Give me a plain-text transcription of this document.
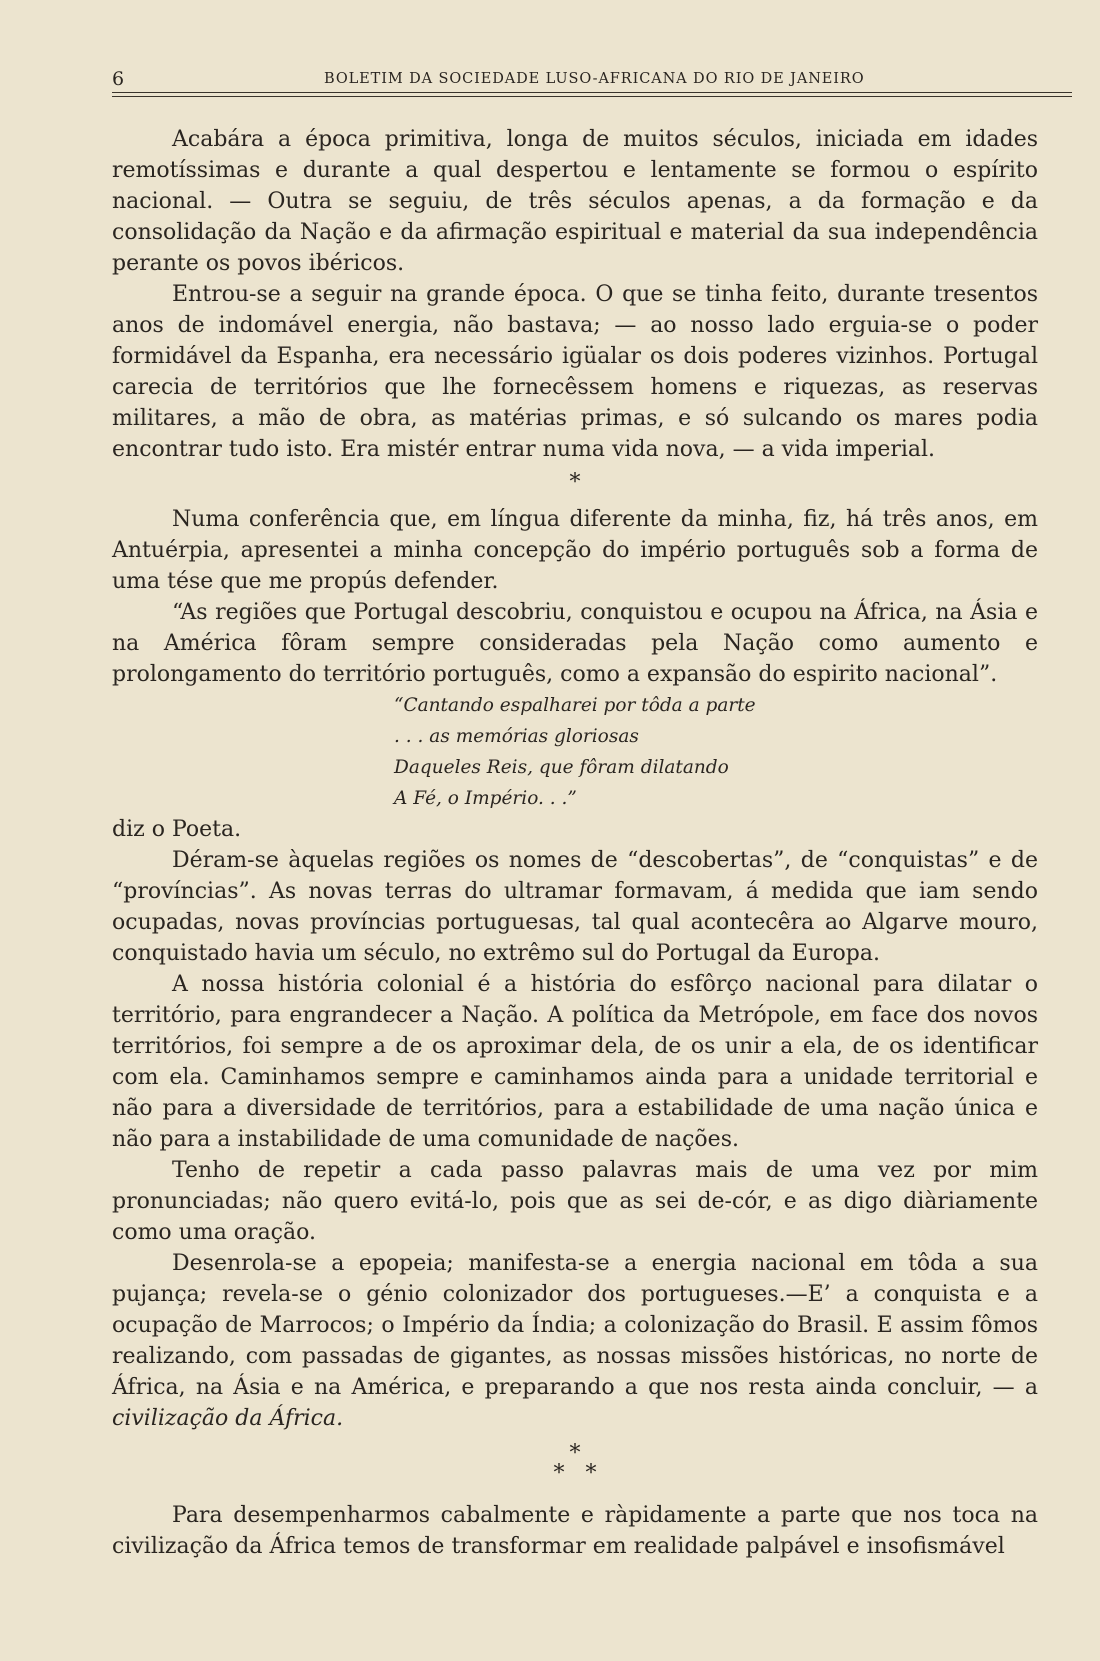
6	BOLETIM DA SOCIEDADE LUSO-AFRICANA DO RIO DE JANEIRO

Acabára a época primitiva, longa de muitos séculos, iniciada em idades remotíssimas e durante a qual despertou e lentamente se formou o espírito nacional. — Outra se seguiu, de três séculos apenas, a da formação e da consolidação da Nação e da afirmação espiritual e material da sua independência perante os povos ibéricos.

Entrou-se a seguir na grande época. O que se tinha feito, durante tresentos anos de indomável energia, não bastava; — ao nosso lado erguia-se o poder formidável da Espanha, era necessário igüalar os dois poderes vizinhos. Portugal carecia de territórios que lhe fornecêssem homens e riquezas, as reservas militares, a mão de obra, as matérias primas, e só sulcando os mares podia encontrar tudo isto. Era mistér entrar numa vida nova, — a vida imperial.

*

Numa conferência que, em língua diferente da minha, fiz, há três anos, em Antuérpia, apresentei a minha concepção do império português sob a forma de uma tése que me propús defender.

“As regiões que Portugal descobriu, conquistou e ocupou na África, na Ásia e na América fôram sempre consideradas pela Nação como aumento e prolongamento do território português, como a expansão do espirito nacional”.

“Cantando espalharei por tôda a parte
. . . as memórias gloriosas
Daqueles Reis, que fôram dilatando
A Fé, o Império. . .”

diz o Poeta.

Déram-se àquelas regiões os nomes de “descobertas”, de “conquistas” e de “províncias”. As novas terras do ultramar formavam, á medida que iam sendo ocupadas, novas províncias portuguesas, tal qual acontecêra ao Algarve mouro, conquistado havia um século, no extrêmo sul do Portugal da Europa.

A nossa história colonial é a história do esfôrço nacional para dilatar o território, para engrandecer a Nação. A política da Metrópole, em face dos novos territórios, foi sempre a de os aproximar dela, de os unir a ela, de os identificar com ela. Caminhamos sempre e caminhamos ainda para a unidade territorial e não para a diversidade de territórios, para a estabilidade de uma nação única e não para a instabilidade de uma comunidade de nações.

Tenho de repetir a cada passo palavras mais de uma vez por mim pronunciadas; não quero evitá-lo, pois que as sei de-cór, e as digo diàriamente como uma oração.

Desenrola-se a epopeia; manifesta-se a energia nacional em tôda a sua pujança; revela-se o génio colonizador dos portugueses.—E’ a conquista e a ocupação de Marrocos; o Império da Índia; a colonização do Brasil. E assim fômos realizando, com passadas de gigantes, as nossas missões históricas, no norte de África, na Ásia e na América, e preparando a que nos resta ainda concluir, — a civilização da África.

*
*   *

Para desempenharmos cabalmente e ràpidamente a parte que nos toca na civilização da África temos de transformar em realidade palpável e insofismável
